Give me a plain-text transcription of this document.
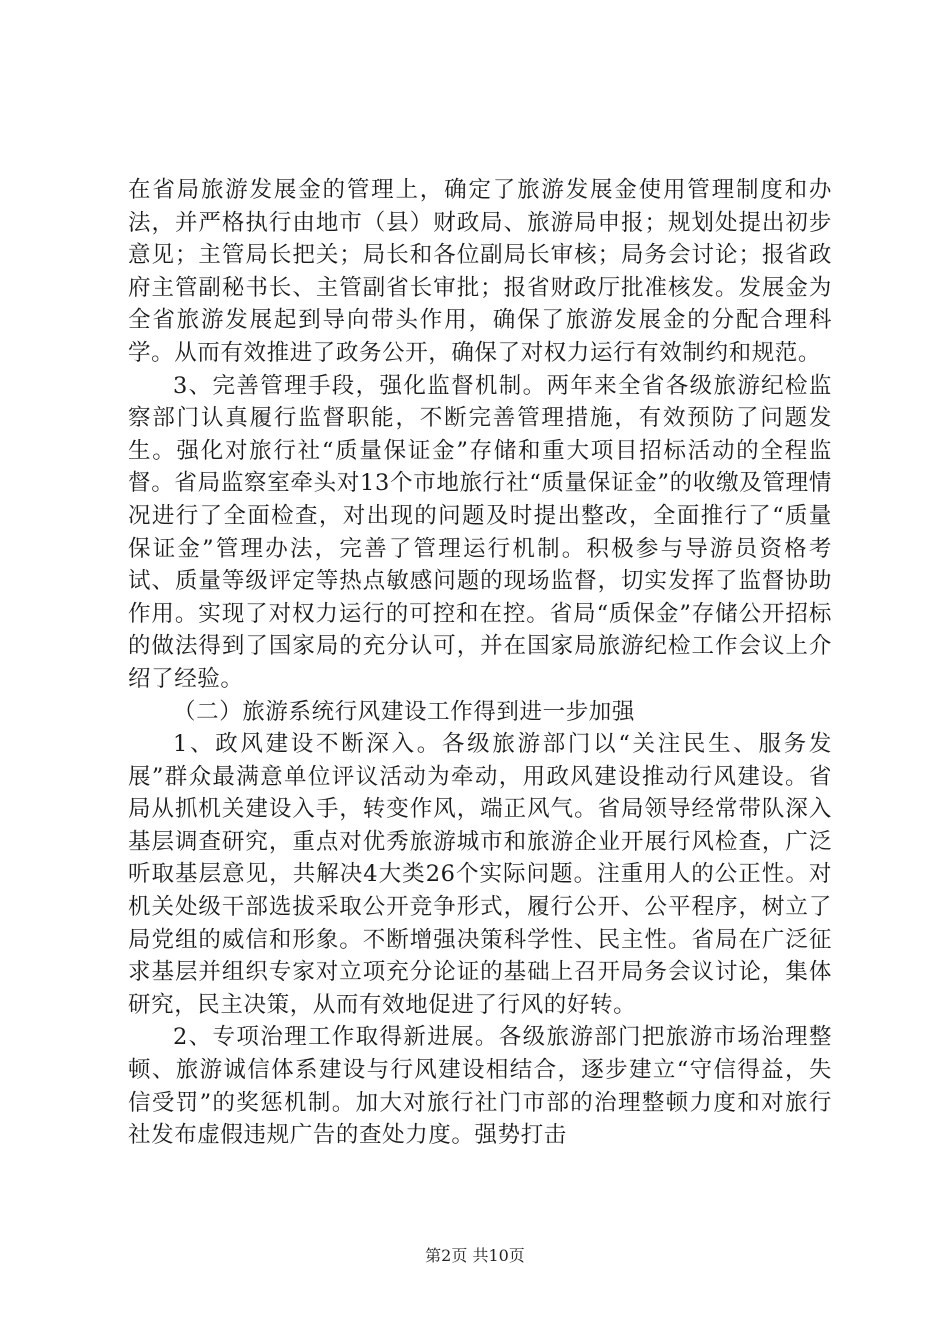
在省局旅游发展金的管理上，确定了旅游发展金使用管理制度和办法，并严格执行由地市（县）财政局、旅游局申报；规划处提出初步意见；主管局长把关；局长和各位副局长审核；局务会讨论；报省政府主管副秘书长、主管副省长审批；报省财政厅批准核发。发展金为全省旅游发展起到导向带头作用，确保了旅游发展金的分配合理科学。从而有效推进了政务公开，确保了对权力运行有效制约和规范。

3、完善管理手段，强化监督机制。两年来全省各级旅游纪检监察部门认真履行监督职能，不断完善管理措施，有效预防了问题发生。强化对旅行社“质量保证金”存储和重大项目招标活动的全程监督。省局监察室牵头对13个市地旅行社“质量保证金”的收缴及管理情况进行了全面检查，对出现的问题及时提出整改，全面推行了“质量保证金”管理办法，完善了管理运行机制。积极参与导游员资格考试、质量等级评定等热点敏感问题的现场监督，切实发挥了监督协助作用。实现了对权力运行的可控和在控。省局“质保金”存储公开招标的做法得到了国家局的充分认可，并在国家局旅游纪检工作会议上介绍了经验。

（二）旅游系统行风建设工作得到进一步加强

1、政风建设不断深入。各级旅游部门以“关注民生、服务发展”群众最满意单位评议活动为牵动，用政风建设推动行风建设。省局从抓机关建设入手，转变作风，端正风气。省局领导经常带队深入基层调查研究，重点对优秀旅游城市和旅游企业开展行风检查，广泛听取基层意见，共解决4大类26个实际问题。注重用人的公正性。对机关处级干部选拔采取公开竞争形式，履行公开、公平程序，树立了局党组的威信和形象。不断增强决策科学性、民主性。省局在广泛征求基层并组织专家对立项充分论证的基础上召开局务会议讨论，集体研究，民主决策，从而有效地促进了行风的好转。

2、专项治理工作取得新进展。各级旅游部门把旅游市场治理整顿、旅游诚信体系建设与行风建设相结合，逐步建立“守信得益，失信受罚”的奖惩机制。加大对旅行社门市部的治理整顿力度和对旅行社发布虚假违规广告的查处力度。强势打击

第2页 共10页
